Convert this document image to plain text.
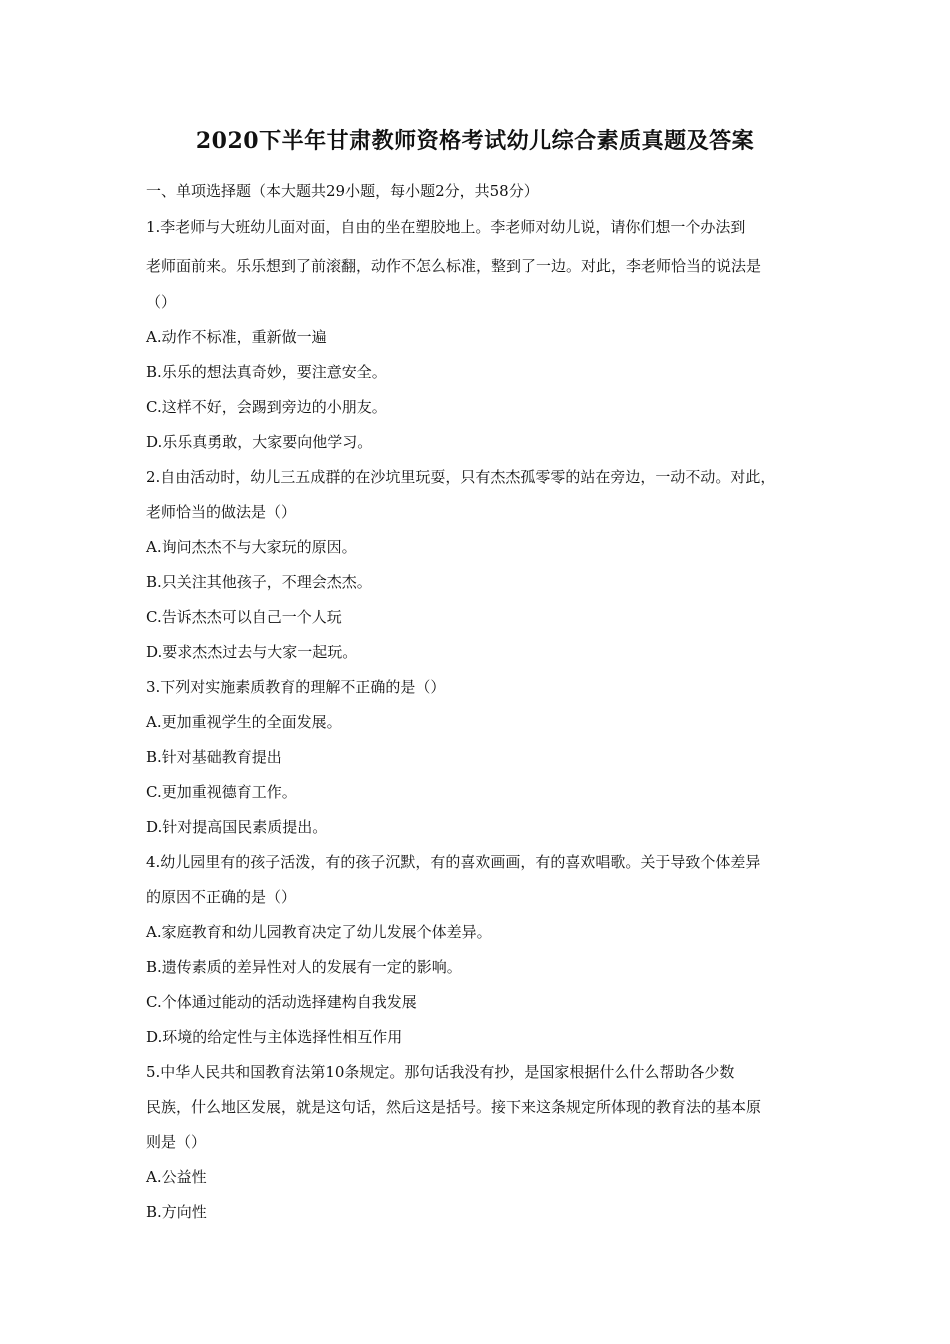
2020下半年甘肃教师资格考试幼儿综合素质真题及答案
一、单项选择题（本大题共29小题，每小题2分，共58分）
1.李老师与大班幼儿面对面，自由的坐在塑胶地上。李老师对幼儿说，请你们想一个办法到
老师面前来。乐乐想到了前滚翻，动作不怎么标准，整到了一边。对此，李老师恰当的说法是
（）
A.动作不标准，重新做一遍
B.乐乐的想法真奇妙，要注意安全。
C.这样不好，会踢到旁边的小朋友。
D.乐乐真勇敢，大家要向他学习。
2.自由活动时，幼儿三五成群的在沙坑里玩耍，只有杰杰孤零零的站在旁边，一动不动。对此，
老师恰当的做法是（）
A.询问杰杰不与大家玩的原因。
B.只关注其他孩子，不理会杰杰。
C.告诉杰杰可以自己一个人玩
D.要求杰杰过去与大家一起玩。
3.下列对实施素质教育的理解不正确的是（）
A.更加重视学生的全面发展。
B.针对基础教育提出
C.更加重视德育工作。
D.针对提高国民素质提出。
4.幼儿园里有的孩子活泼，有的孩子沉默，有的喜欢画画，有的喜欢唱歌。关于导致个体差异
的原因不正确的是（）
A.家庭教育和幼儿园教育决定了幼儿发展个体差异。
B.遗传素质的差异性对人的发展有一定的影响。
C.个体通过能动的活动选择建构自我发展
D.环境的给定性与主体选择性相互作用
5.中华人民共和国教育法第10条规定。那句话我没有抄，是国家根据什么什么帮助各少数
民族，什么地区发展，就是这句话，然后这是括号。接下来这条规定所体现的教育法的基本原
则是（）
A.公益性
B.方向性
